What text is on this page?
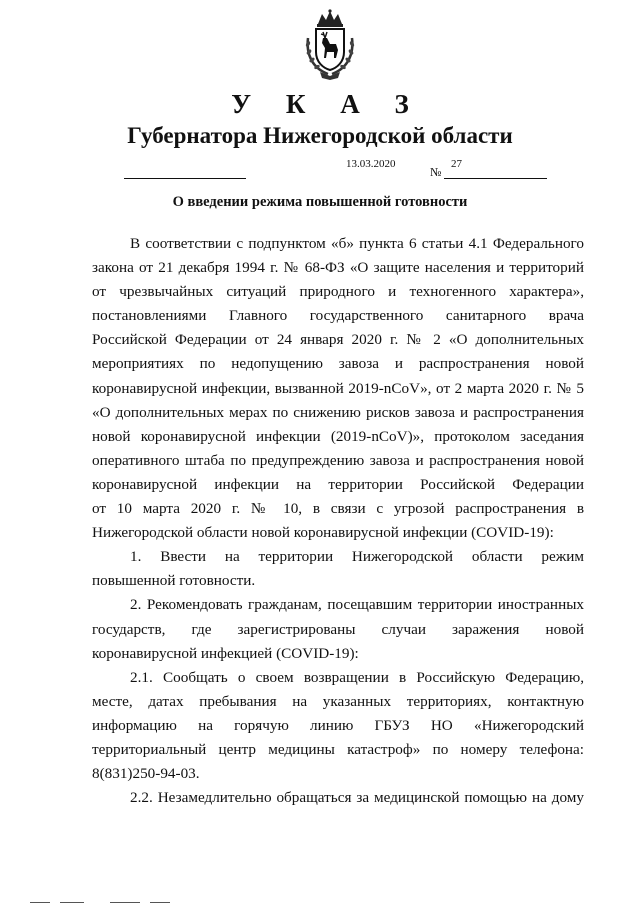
У К А З
Губернатора Нижегородской области
13.03.2020
№
27
О введении режима повышенной готовности

В соответствии с подпунктом «б» пункта 6 статьи 4.1 Федерального

закона от 21 декабря 1994 г. № 68-ФЗ «О защите населения и территорий

от чрезвычайных ситуаций природного и техногенного характера»,

постановлениями Главного государственного санитарного врача

Российской Федерации от 24 января 2020 г. № 2 «О дополнительных

мероприятиях по недопущению завоза и распространения новой

коронавирусной инфекции, вызванной 2019-nCoV», от 2 марта 2020 г. № 5

«О дополнительных мерах по снижению рисков завоза и распространения

новой коронавирусной инфекции (2019-nCoV)», протоколом заседания

оперативного штаба по предупреждению завоза и распространения новой

коронавирусной инфекции на территории Российской Федерации

от 10 марта 2020 г. № 10, в связи с угрозой распространения в

Нижегородской области новой коронавирусной инфекции (COVID-19):

1. Ввести на территории Нижегородской области режим

повышенной готовности.

2. Рекомендовать гражданам, посещавшим территории иностранных

государств, где зарегистрированы случаи заражения новой

коронавирусной инфекцией (COVID-19):

2.1. Сообщать о своем возвращении в Российскую Федерацию,

месте, датах пребывания на указанных территориях, контактную

информацию на горячую линию ГБУЗ НО «Нижегородский

территориальный центр медицины катастроф» по номеру телефона:

8(831)250-94-03.

2.2. Незамедлительно обращаться за медицинской помощью на дому
